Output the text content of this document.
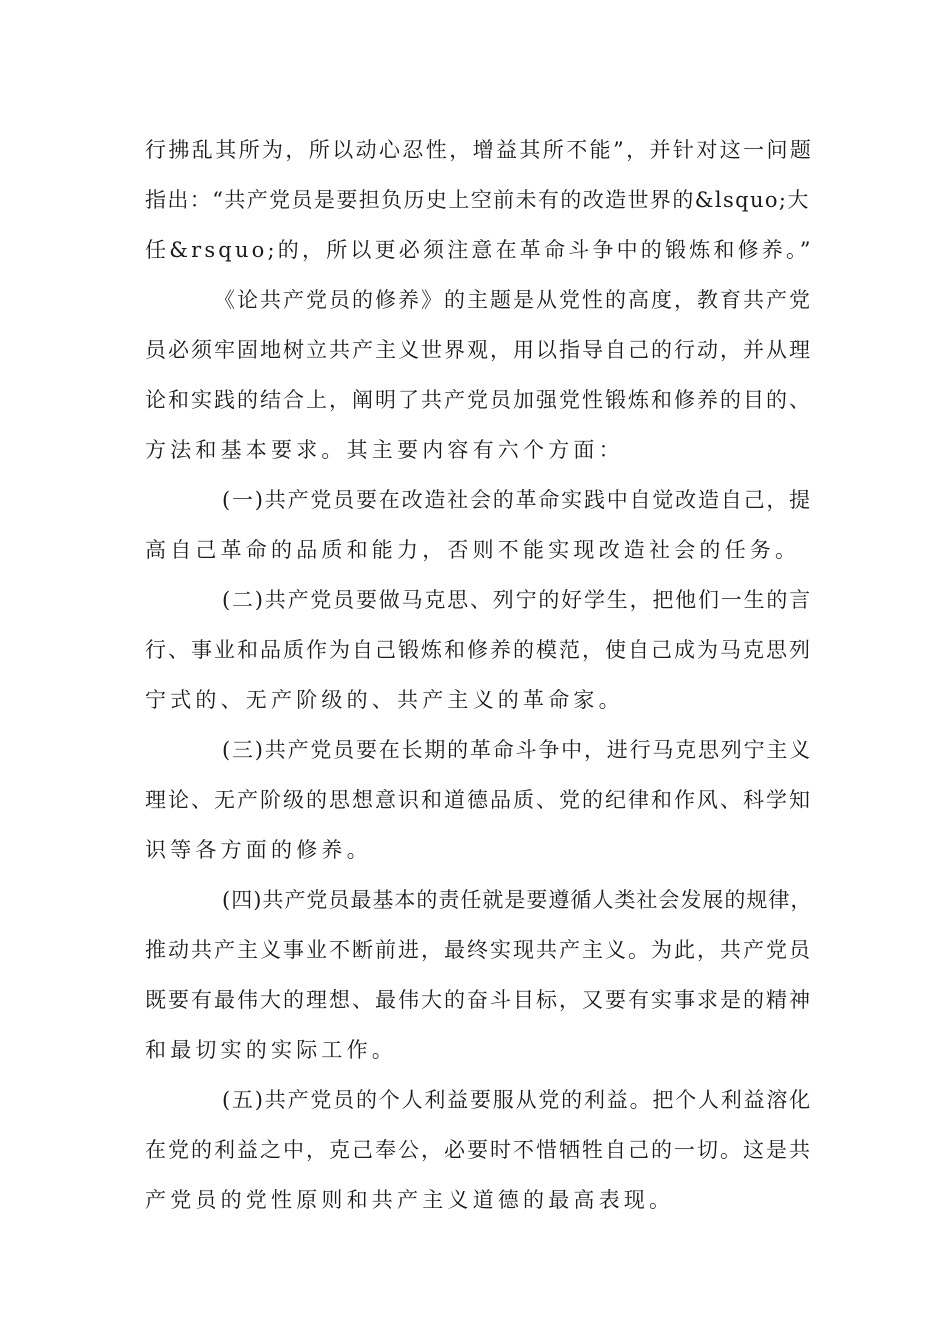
行拂乱其所为，所以动心忍性，增益其所不能”，并针对这一问题
指出：“共产党员是要担负历史上空前未有的改造世界的&lsquo;大
任&rsquo;的，所以更必须注意在革命斗争中的锻炼和修养。”
《论共产党员的修养》的主题是从党性的高度，教育共产党
员必须牢固地树立共产主义世界观，用以指导自己的行动，并从理
论和实践的结合上，阐明了共产党员加强党性锻炼和修养的目的、
方法和基本要求。其主要内容有六个方面：
(一)共产党员要在改造社会的革命实践中自觉改造自己，提
高自己革命的品质和能力，否则不能实现改造社会的任务。
(二)共产党员要做马克思、列宁的好学生，把他们一生的言
行、事业和品质作为自己锻炼和修养的模范，使自己成为马克思列
宁式的、无产阶级的、共产主义的革命家。
(三)共产党员要在长期的革命斗争中，进行马克思列宁主义
理论、无产阶级的思想意识和道德品质、党的纪律和作风、科学知
识等各方面的修养。
(四)共产党员最基本的责任就是要遵循人类社会发展的规律，
推动共产主义事业不断前进，最终实现共产主义。为此，共产党员
既要有最伟大的理想、最伟大的奋斗目标，又要有实事求是的精神
和最切实的实际工作。
(五)共产党员的个人利益要服从党的利益。把个人利益溶化
在党的利益之中，克己奉公，必要时不惜牺牲自己的一切。这是共
产党员的党性原则和共产主义道德的最高表现。
